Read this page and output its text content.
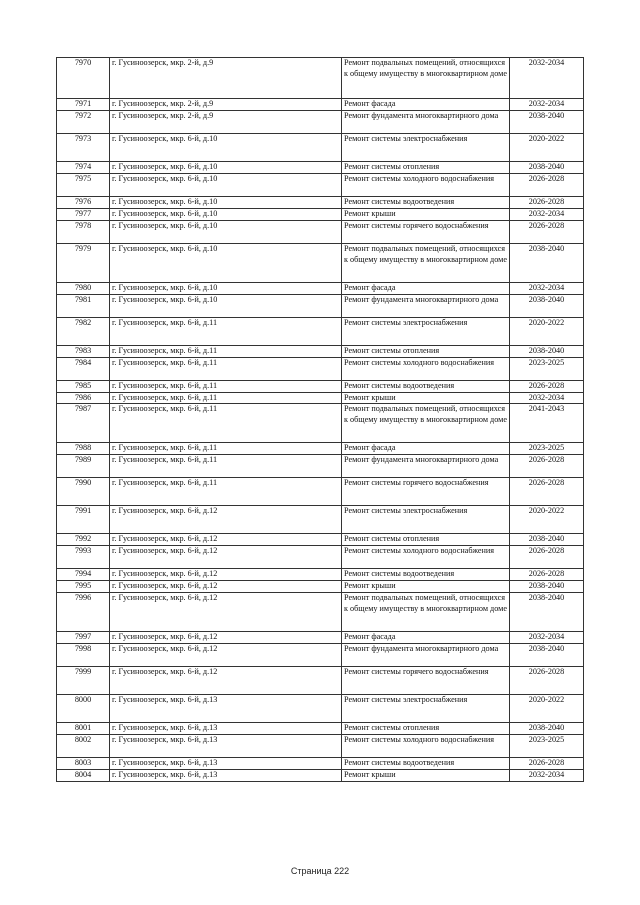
7970	г. Гусиноозерск, мкр. 2-й, д.9	Ремонт подвальных помещений, относящихся к общему имуществу в многоквартирном доме	2032-2034
7971	г. Гусиноозерск, мкр. 2-й, д.9	Ремонт фасада	2032-2034
7972	г. Гусиноозерск, мкр. 2-й, д.9	Ремонт фундамента многоквартирного дома	2038-2040
7973	г. Гусиноозерск, мкр. 6-й, д.10	Ремонт системы электроснабжения	2020-2022
7974	г. Гусиноозерск, мкр. 6-й, д.10	Ремонт системы отопления	2038-2040
7975	г. Гусиноозерск, мкр. 6-й, д.10	Ремонт системы холодного водоснабжения	2026-2028
7976	г. Гусиноозерск, мкр. 6-й, д.10	Ремонт системы водоотведения	2026-2028
7977	г. Гусиноозерск, мкр. 6-й, д.10	Ремонт крыши	2032-2034
7978	г. Гусиноозерск, мкр. 6-й, д.10	Ремонт системы горячего водоснабжения	2026-2028
7979	г. Гусиноозерск, мкр. 6-й, д.10	Ремонт подвальных помещений, относящихся к общему имуществу в многоквартирном доме	2038-2040
7980	г. Гусиноозерск, мкр. 6-й, д.10	Ремонт фасада	2032-2034
7981	г. Гусиноозерск, мкр. 6-й, д.10	Ремонт фундамента многоквартирного дома	2038-2040
7982	г. Гусиноозерск, мкр. 6-й, д.11	Ремонт системы электроснабжения	2020-2022
7983	г. Гусиноозерск, мкр. 6-й, д.11	Ремонт системы отопления	2038-2040
7984	г. Гусиноозерск, мкр. 6-й, д.11	Ремонт системы холодного водоснабжения	2023-2025
7985	г. Гусиноозерск, мкр. 6-й, д.11	Ремонт системы водоотведения	2026-2028
7986	г. Гусиноозерск, мкр. 6-й, д.11	Ремонт крыши	2032-2034
7987	г. Гусиноозерск, мкр. 6-й, д.11	Ремонт подвальных помещений, относящихся к общему имуществу в многоквартирном доме	2041-2043
7988	г. Гусиноозерск, мкр. 6-й, д.11	Ремонт фасада	2023-2025
7989	г. Гусиноозерск, мкр. 6-й, д.11	Ремонт фундамента многоквартирного дома	2026-2028
7990	г. Гусиноозерск, мкр. 6-й, д.11	Ремонт системы горячего водоснабжения	2026-2028
7991	г. Гусиноозерск, мкр. 6-й, д.12	Ремонт системы электроснабжения	2020-2022
7992	г. Гусиноозерск, мкр. 6-й, д.12	Ремонт системы отопления	2038-2040
7993	г. Гусиноозерск, мкр. 6-й, д.12	Ремонт системы холодного водоснабжения	2026-2028
7994	г. Гусиноозерск, мкр. 6-й, д.12	Ремонт системы водоотведения	2026-2028
7995	г. Гусиноозерск, мкр. 6-й, д.12	Ремонт крыши	2038-2040
7996	г. Гусиноозерск, мкр. 6-й, д.12	Ремонт подвальных помещений, относящихся к общему имуществу в многоквартирном доме	2038-2040
7997	г. Гусиноозерск, мкр. 6-й, д.12	Ремонт фасада	2032-2034
7998	г. Гусиноозерск, мкр. 6-й, д.12	Ремонт фундамента многоквартирного дома	2038-2040
7999	г. Гусиноозерск, мкр. 6-й, д.12	Ремонт системы горячего водоснабжения	2026-2028
8000	г. Гусиноозерск, мкр. 6-й, д.13	Ремонт системы электроснабжения	2020-2022
8001	г. Гусиноозерск, мкр. 6-й, д.13	Ремонт системы отопления	2038-2040
8002	г. Гусиноозерск, мкр. 6-й, д.13	Ремонт системы холодного водоснабжения	2023-2025
8003	г. Гусиноозерск, мкр. 6-й, д.13	Ремонт системы водоотведения	2026-2028
8004	г. Гусиноозерск, мкр. 6-й, д.13	Ремонт крыши	2032-2034
Страница 222
